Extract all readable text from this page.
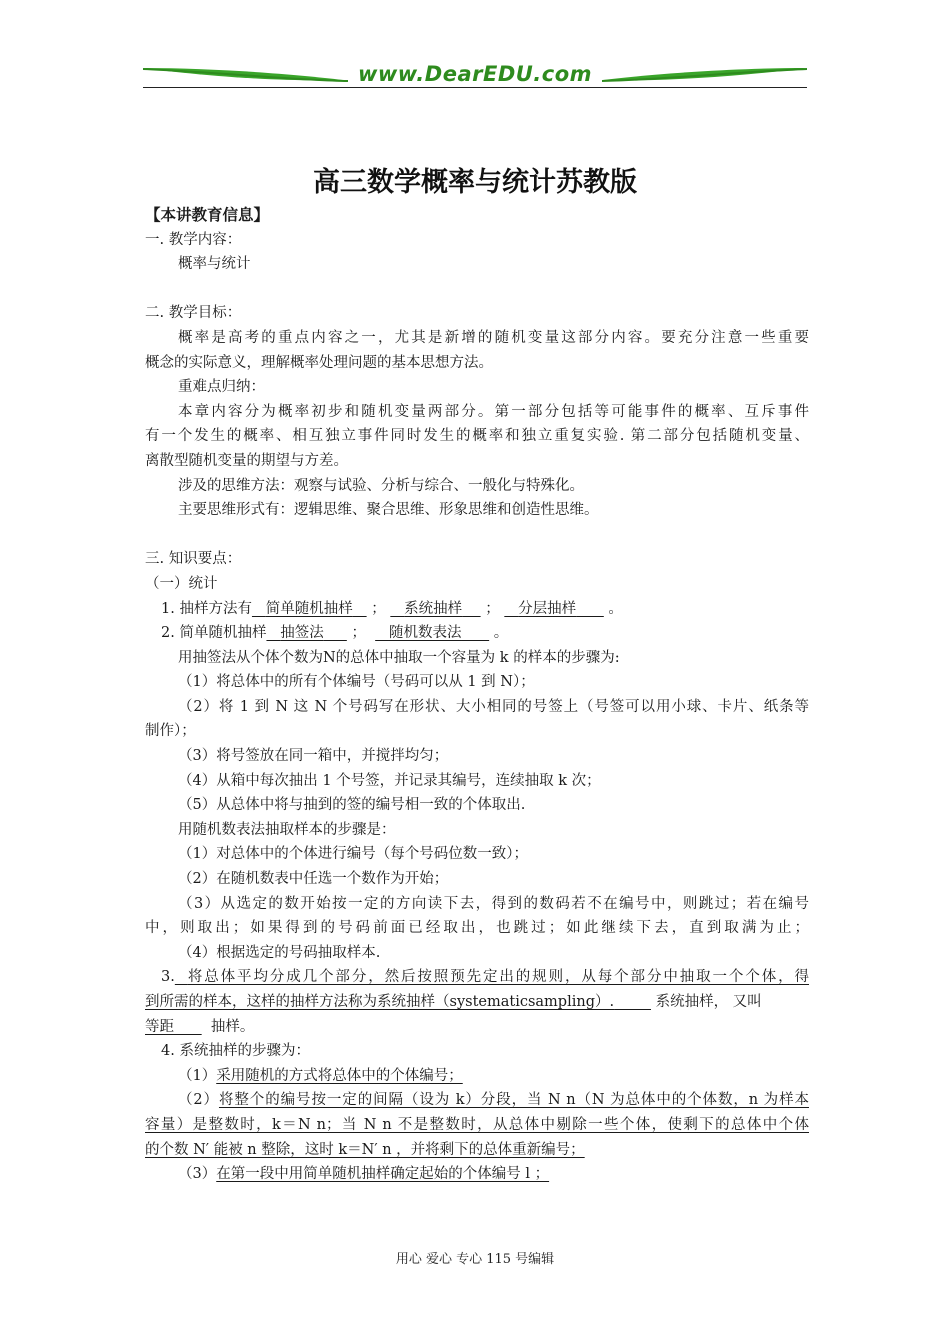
www.DearEDU.com
高三数学概率与统计苏教版
【本讲教育信息】
一. 教学内容：
概率与统计
二. 教学目标：
概率是高考的重点内容之一，尤其是新增的随机变量这部分内容。要充分注意一些重要
概念的实际意义，理解概率处理问题的基本思想方法。
重难点归纳：
本章内容分为概率初步和随机变量两部分。第一部分包括等可能事件的概率、互斥事件
有一个发生的概率、相互独立事件同时发生的概率和独立重复实验. 第二部分包括随机变量、
离散型随机变量的期望与方差。
涉及的思维方法：观察与试验、分析与综合、一般化与特殊化。
主要思维形式有：逻辑思维、聚合思维、形象思维和创造性思维。
三. 知识要点：
（一）统计
1. 抽样方法有 简单随机抽样 ； 系统抽样 ； 分层抽样 。
2. 简单随机抽样 抽签法 ； 随机数表法 。
用抽签法从个体个数为N的总体中抽取一个容量为 k 的样本的步骤为:
（1）将总体中的所有个体编号（号码可以从 1 到 N）；
（2）将 1 到 N 这 N 个号码写在形状、大小相同的号签上（号签可以用小球、卡片、纸条等
制作）；
（3）将号签放在同一箱中，并搅拌均匀；
（4）从箱中每次抽出 1 个号签，并记录其编号，连续抽取 k 次；
（5）从总体中将与抽到的签的编号相一致的个体取出.
用随机数表法抽取样本的步骤是：
（1）对总体中的个体进行编号（每个号码位数一致）；
（2）在随机数表中任选一个数作为开始；
（3）从选定的数开始按一定的方向读下去，得到的数码若不在编号中，则跳过；若在编号
中，则取出；如果得到的号码前面已经取出，也跳过；如此继续下去，直到取满为止；
（4）根据选定的号码抽取样本.
3. 将总体平均分成几个部分，然后按照预先定出的规则，从每个部分中抽取一个个体，得
到所需的样本，这样的抽样方法称为系统抽样（systematicsampling）.	系统抽样， 又叫
等距	抽样。
4. 系统抽样的步骤为：
（1）采用随机的方式将总体中的个体编号；
（2）将整个的编号按一定的间隔（设为 k）分段，当 N n（N 为总体中的个体数，n 为样本
容量）是整数时，k＝N n；当 N n 不是整数时，从总体中剔除一些个体，使剩下的总体中个体
的个数 N′ 能被 n 整除，这时 k＝N′ n ，并将剩下的总体重新编号；
（3）在第一段中用简单随机抽样确定起始的个体编号 l ；
用心 爱心 专心 115 号编辑
